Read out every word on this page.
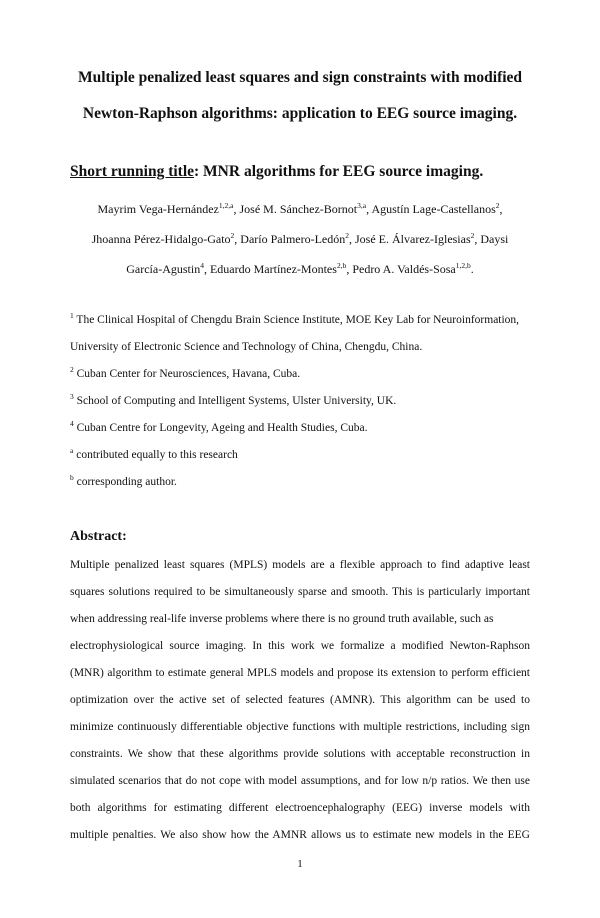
Multiple penalized least squares and sign constraints with modified
Newton-Raphson algorithms: application to EEG source imaging.
Short running title: MNR algorithms for EEG source imaging.
Mayrim Vega-Hernández$^{1,2,a}$, José M. Sánchez-Bornot$^{3,a}$, Agustín Lage-Castellanos$^2$,
Jhoanna Pérez-Hidalgo-Gato$^2$, Darío Palmero-Ledón$^2$, José E. Álvarez-Iglesias$^2$, Daysi
García-Agustin$^4$, Eduardo Martínez-Montes$^{2,b}$, Pedro A. Valdés-Sosa$^{1,2,b}$.
$^1$ The Clinical Hospital of Chengdu Brain Science Institute, MOE Key Lab for Neuroinformation,
University of Electronic Science and Technology of China, Chengdu, China.
$^2$ Cuban Center for Neurosciences, Havana, Cuba.
$^3$ School of Computing and Intelligent Systems, Ulster University, UK.
$^4$ Cuban Centre for Longevity, Ageing and Health Studies, Cuba.
$^a$ contributed equally to this research
$^b$ corresponding author.
Abstract:
Multiple penalized least squares (MPLS) models are a flexible approach to find adaptive least
squares solutions required to be simultaneously sparse and smooth. This is particularly important
when addressing real-life inverse problems where there is no ground truth available, such as
electrophysiological source imaging. In this work we formalize a modified Newton-Raphson
(MNR) algorithm to estimate general MPLS models and propose its extension to perform efficient
optimization over the active set of selected features (AMNR). This algorithm can be used to
minimize continuously differentiable objective functions with multiple restrictions, including sign
constraints. We show that these algorithms provide solutions with acceptable reconstruction in
simulated scenarios that do not cope with model assumptions, and for low n/p ratios. We then use
both algorithms for estimating different electroencephalography (EEG) inverse models with
multiple penalties. We also show how the AMNR allows us to estimate new models in the EEG
1
